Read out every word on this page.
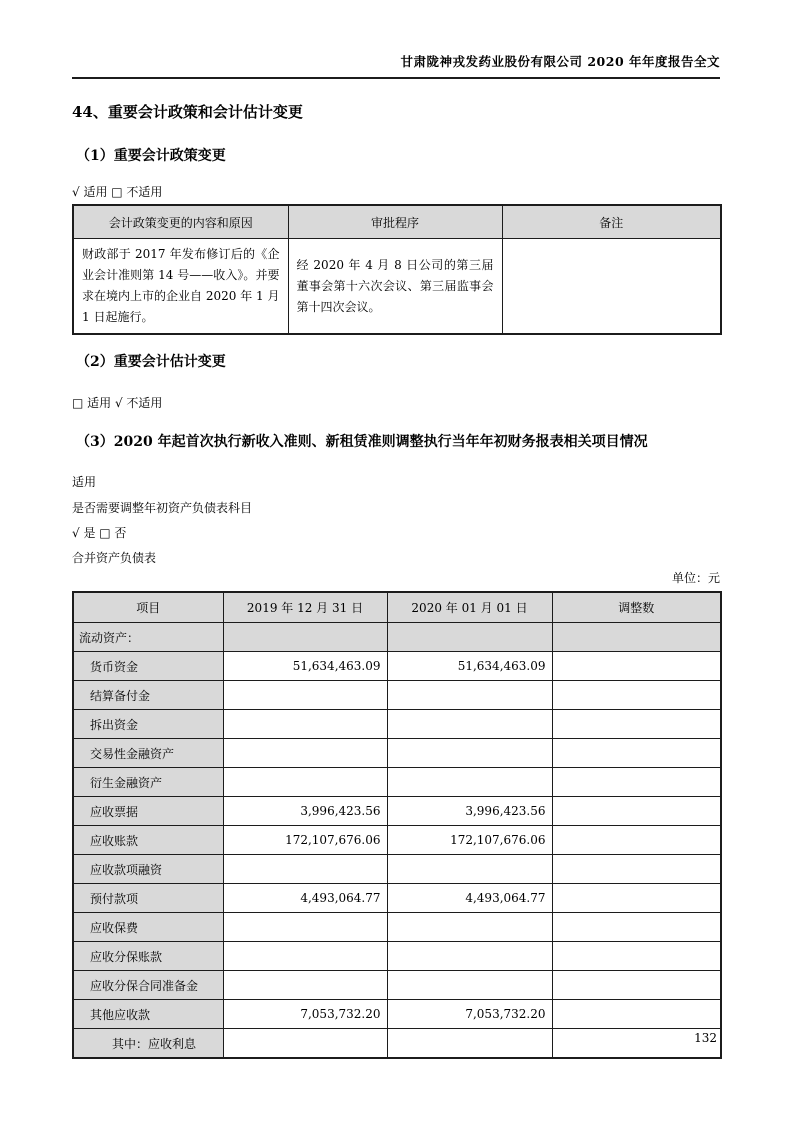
甘肃陇神戎发药业股份有限公司 2020 年年度报告全文
44、重要会计政策和会计估计变更
（1）重要会计政策变更
√ 适用 □ 不适用
会计政策变更的内容和原因	审批程序	备注
财政部于 2017 年发布修订后的《企业会计准则第 14 号——收入》。并要求在境内上市的企业自 2020 年 1 月 1 日起施行。	经 2020 年 4 月 8 日公司的第三届董事会第十六次会议、第三届监事会第十四次会议。	
（2）重要会计估计变更
□ 适用 √ 不适用
（3）2020 年起首次执行新收入准则、新租赁准则调整执行当年年初财务报表相关项目情况
适用
是否需要调整年初资产负债表科目
√ 是 □ 否
合并资产负债表
单位：元
项目	2019 年 12 月 31 日	2020 年 01 月 01 日	调整数
流动资产：			
货币资金	51,634,463.09	51,634,463.09	
结算备付金			
拆出资金			
交易性金融资产			
衍生金融资产			
应收票据	3,996,423.56	3,996,423.56	
应收账款	172,107,676.06	172,107,676.06	
应收款项融资			
预付款项	4,493,064.77	4,493,064.77	
应收保费			
应收分保账款			
应收分保合同准备金			
其他应收款	7,053,732.20	7,053,732.20	
其中：应收利息				132
